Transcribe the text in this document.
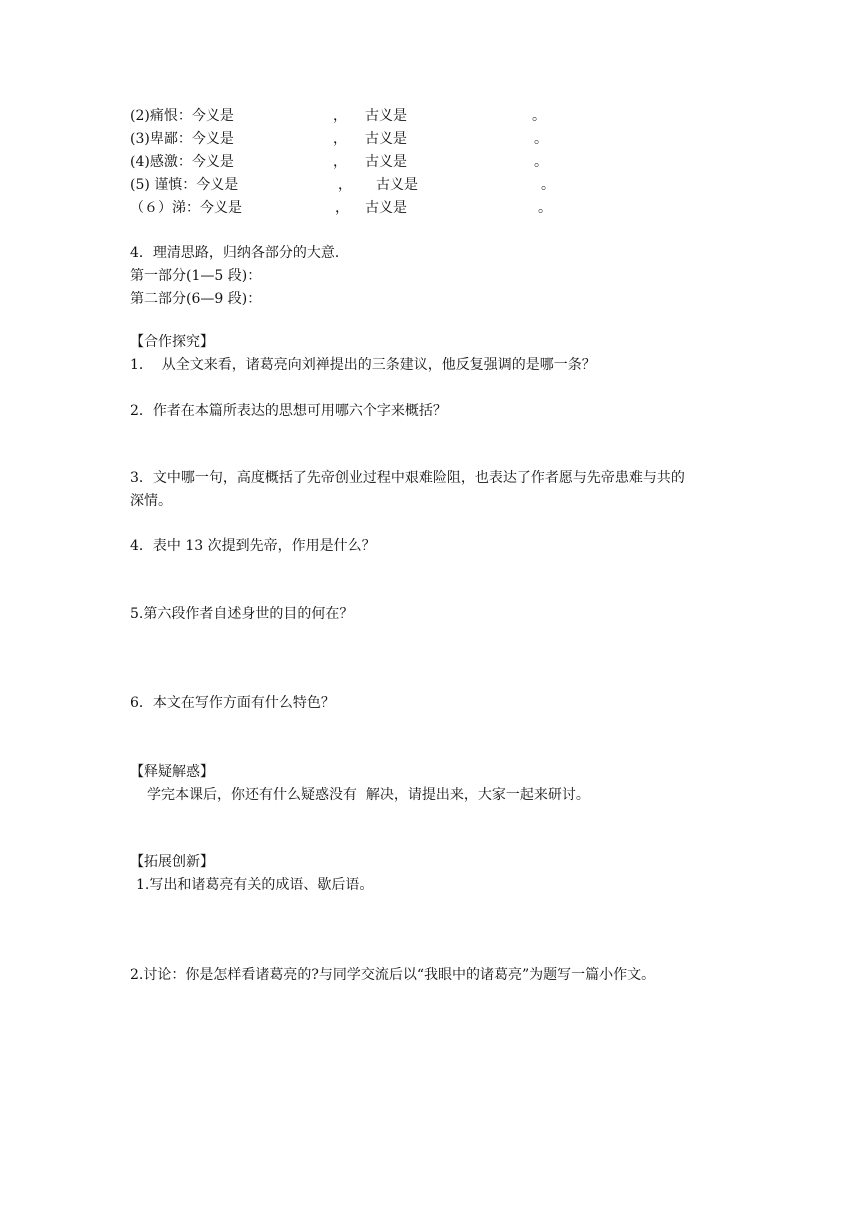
(2)痛恨：今义是	， 古义是	。
(3)卑鄙：今义是	， 古义是	。
(4)感激：今义是	， 古义是	。
(5) 谨慎：今义是	， 古义是	。
（６）涕：今义是	， 古义是	。
4．理清思路，归纳各部分的大意．
第一部分(1—5 段)：
第二部分(6—9 段)：
【合作探究】
1．  从全文来看，诸葛亮向刘禅提出的三条建议，他反复强调的是哪一条？
2．作者在本篇所表达的思想可用哪六个字来概括？
3．文中哪一句，高度概括了先帝创业过程中艰难险阻，也表达了作者愿与先帝患难与共的
深情。
4．表中 13 次提到先帝，作用是什么？
5.第六段作者自述身世的目的何在？
6．本文在写作方面有什么特色？
【释疑解惑】
学完本课后，你还有什么疑惑没有  解决，请提出来，大家一起来研讨。
【拓展创新】
1.写出和诸葛亮有关的成语、歇后语。
2.讨论：你是怎样看诸葛亮的?与同学交流后以“我眼中的诸葛亮”为题写一篇小作文。
